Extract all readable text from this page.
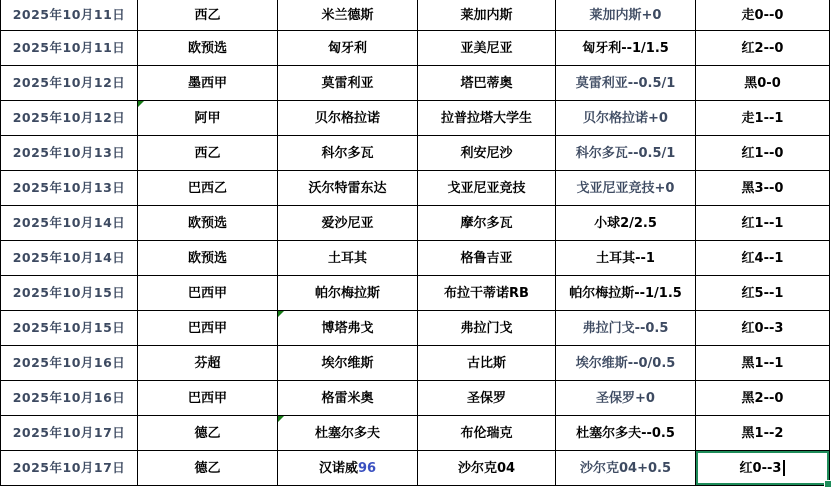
2025年10月11日	西乙	米兰德斯	莱加内斯	莱加内斯+0	走0--0
2025年10月11日	欧预选	匈牙利	亚美尼亚	匈牙利--1/1.5	红2--0
2025年10月12日	墨西甲	莫雷利亚	塔巴蒂奥	莫雷利亚--0.5/1	黑0-0
2025年10月12日	阿甲	贝尔格拉诺	拉普拉塔大学生	贝尔格拉诺+0	走1--1
2025年10月13日	西乙	科尔多瓦	利安尼沙	科尔多瓦--0.5/1	红1--0
2025年10月13日	巴西乙	沃尔特雷东达	戈亚尼亚竞技	戈亚尼亚竞技+0	黑3--0
2025年10月14日	欧预选	爱沙尼亚	摩尔多瓦	小球2/2.5	红1--1
2025年10月14日	欧预选	土耳其	格鲁吉亚	土耳其--1	红4--1
2025年10月15日	巴西甲	帕尔梅拉斯	布拉干蒂诺RB	帕尔梅拉斯--1/1.5	红5--1
2025年10月15日	巴西甲	博塔弗戈	弗拉门戈	弗拉门戈--0.5	红0--3
2025年10月16日	芬超	埃尔维斯	古比斯	埃尔维斯--0/0.5	黑1--1
2025年10月16日	巴西甲	格雷米奥	圣保罗	圣保罗+0	黑2--0
2025年10月17日	德乙	杜塞尔多夫	布伦瑞克	杜塞尔多夫--0.5	黑1--2
2025年10月17日	德乙	汉诺威96	沙尔克04	沙尔克04+0.5	红0--3
